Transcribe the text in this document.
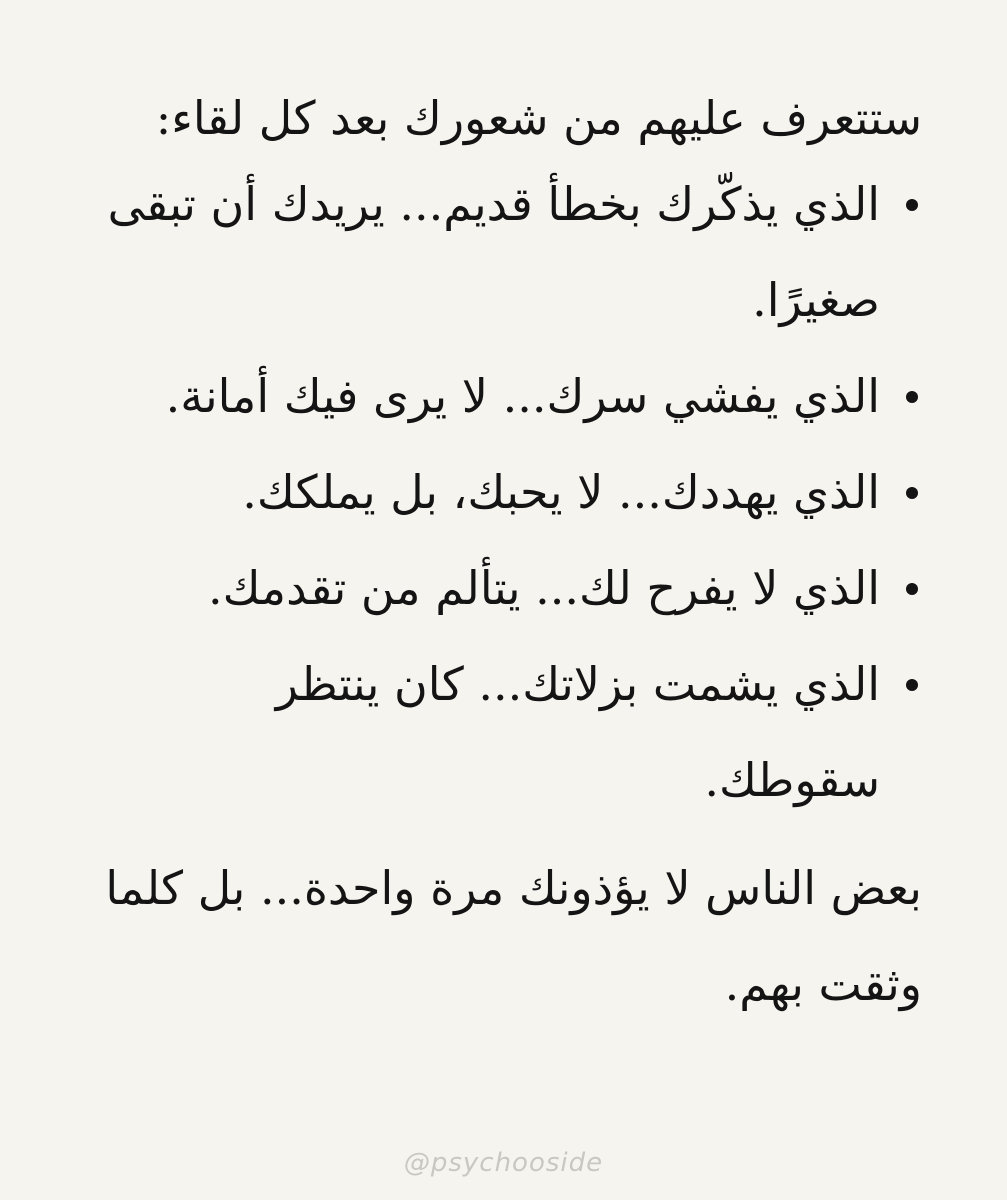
ستتعرف عليهم من شعورك بعد كل لقاء:

الذي يذكّرك بخطأ قديم... يريدك أن تبقى صغيرًا.
الذي يفشي سرك... لا يرى فيك أمانة.
الذي يهددك... لا يحبك، بل يملكك.
الذي لا يفرح لك... يتألم من تقدمك.
الذي يشمت بزلاتك... كان ينتظر سقوطك.

بعض الناس لا يؤذونك مرة واحدة... بل كلما وثقت بهم.

@psychooside
